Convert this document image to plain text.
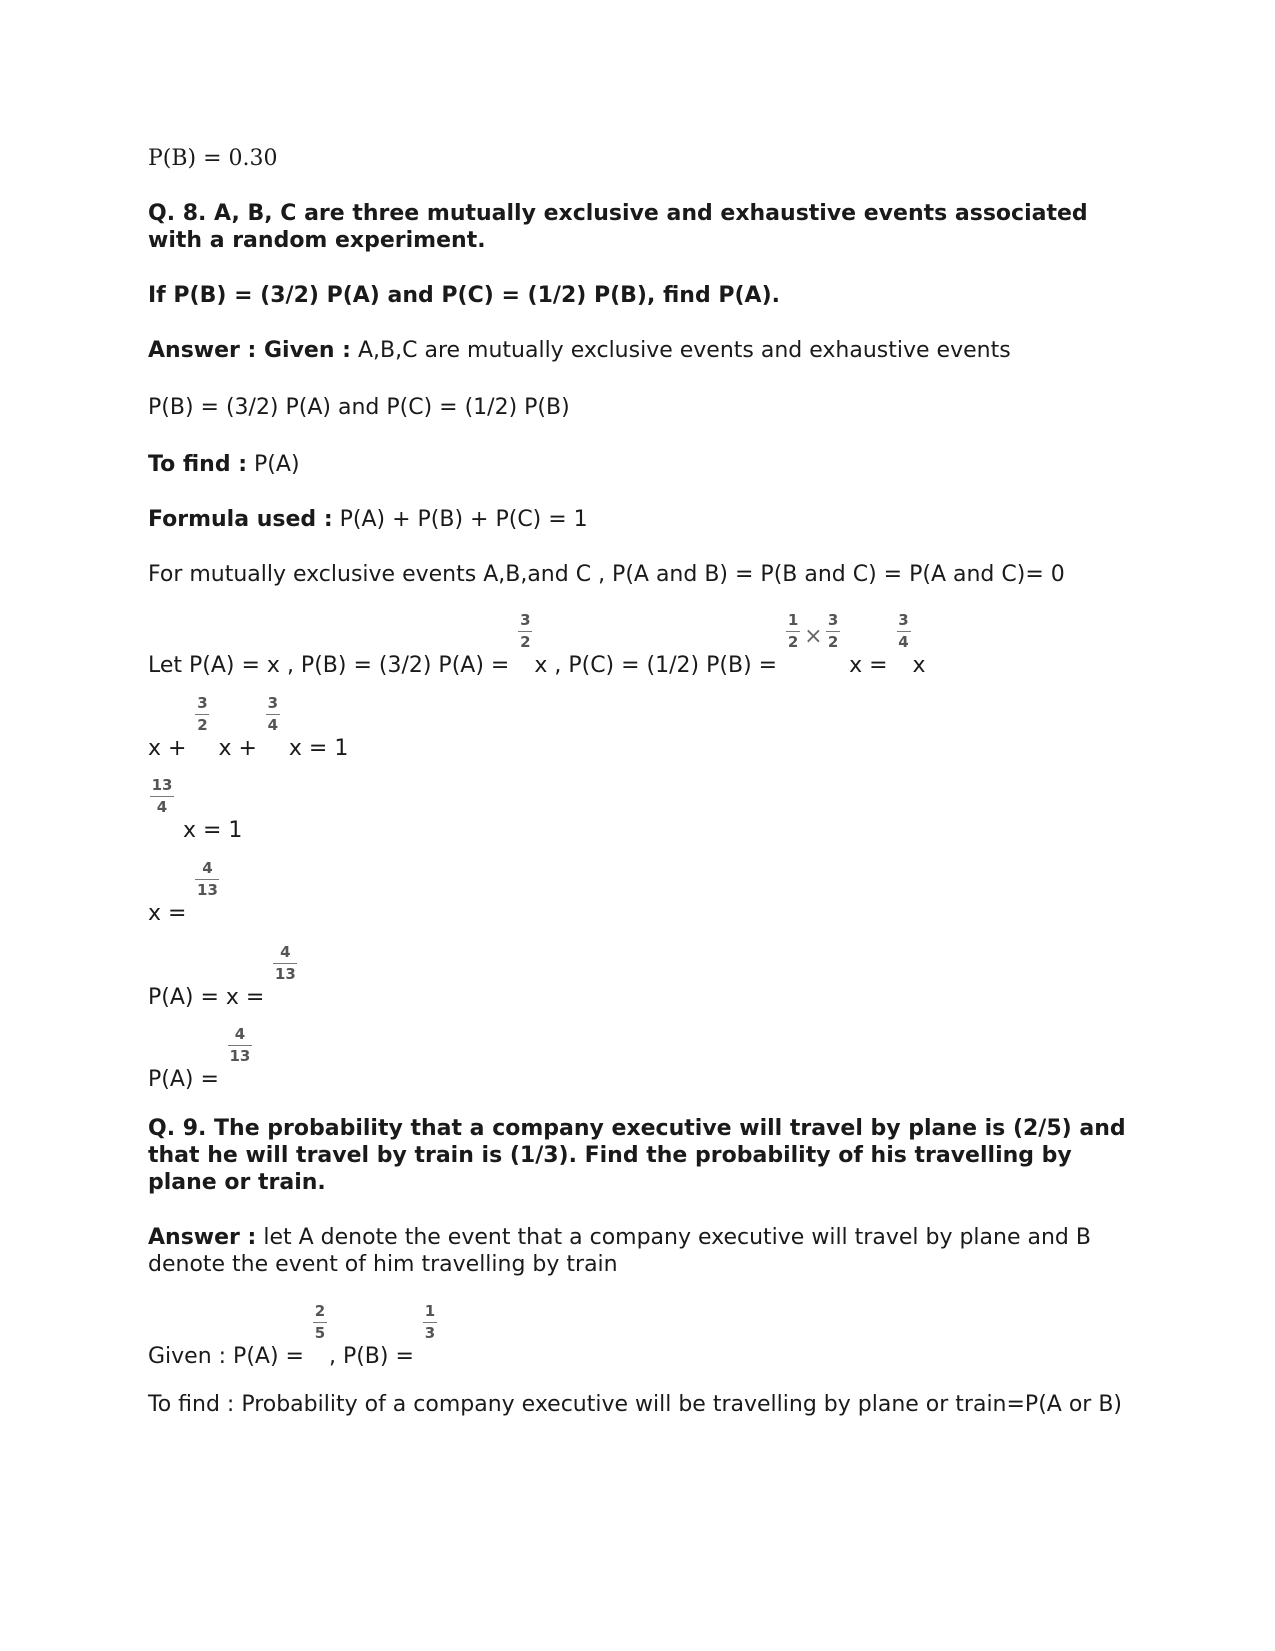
P(B) = 0.30
Q. 8. A, B, C are three mutually exclusive and exhaustive events associated with a random experiment.
If P(B) = (3/2) P(A) and P(C) = (1/2) P(B), find P(A).
Answer : Given : A,B,C are mutually exclusive events and exhaustive events
P(B) = (3/2) P(A) and P(C) = (1/2) P(B)
To find : P(A)
Formula used : P(A) + P(B) + P(C) = 1
For mutually exclusive events A,B,and C , P(A and B) = P(B and C) = P(A and C)= 0
Let P(A) = x , P(B) = (3/2) $P(A) = \frac{3}{2}$ x , P(C) = (1/2) $P(B) = \frac{1}{2}$
×
$\frac{3}{2}$ $x = \frac{3}{4}$ x
$x + \frac{3}{2}$ $x + \frac{3}{4}$ x = 1
$\frac{13}{4}$ x = 1
$x = \frac{4}{13}$
$P(A) = x = \frac{4}{13}$
$P(A) = \frac{4}{13}$
Q. 9. The probability that a company executive will travel by plane is (2/5) and that he will travel by train is (1/3). Find the probability of his travelling by plane or train.
Answer : let A denote the event that a company executive will travel by plane and B denote the event of him travelling by train
Given : $P(A) = \frac{2}{5}$ , $P(B) = \frac{1}{3}$
To find : Probability of a company executive will be travelling by plane or train=P(A or B)
